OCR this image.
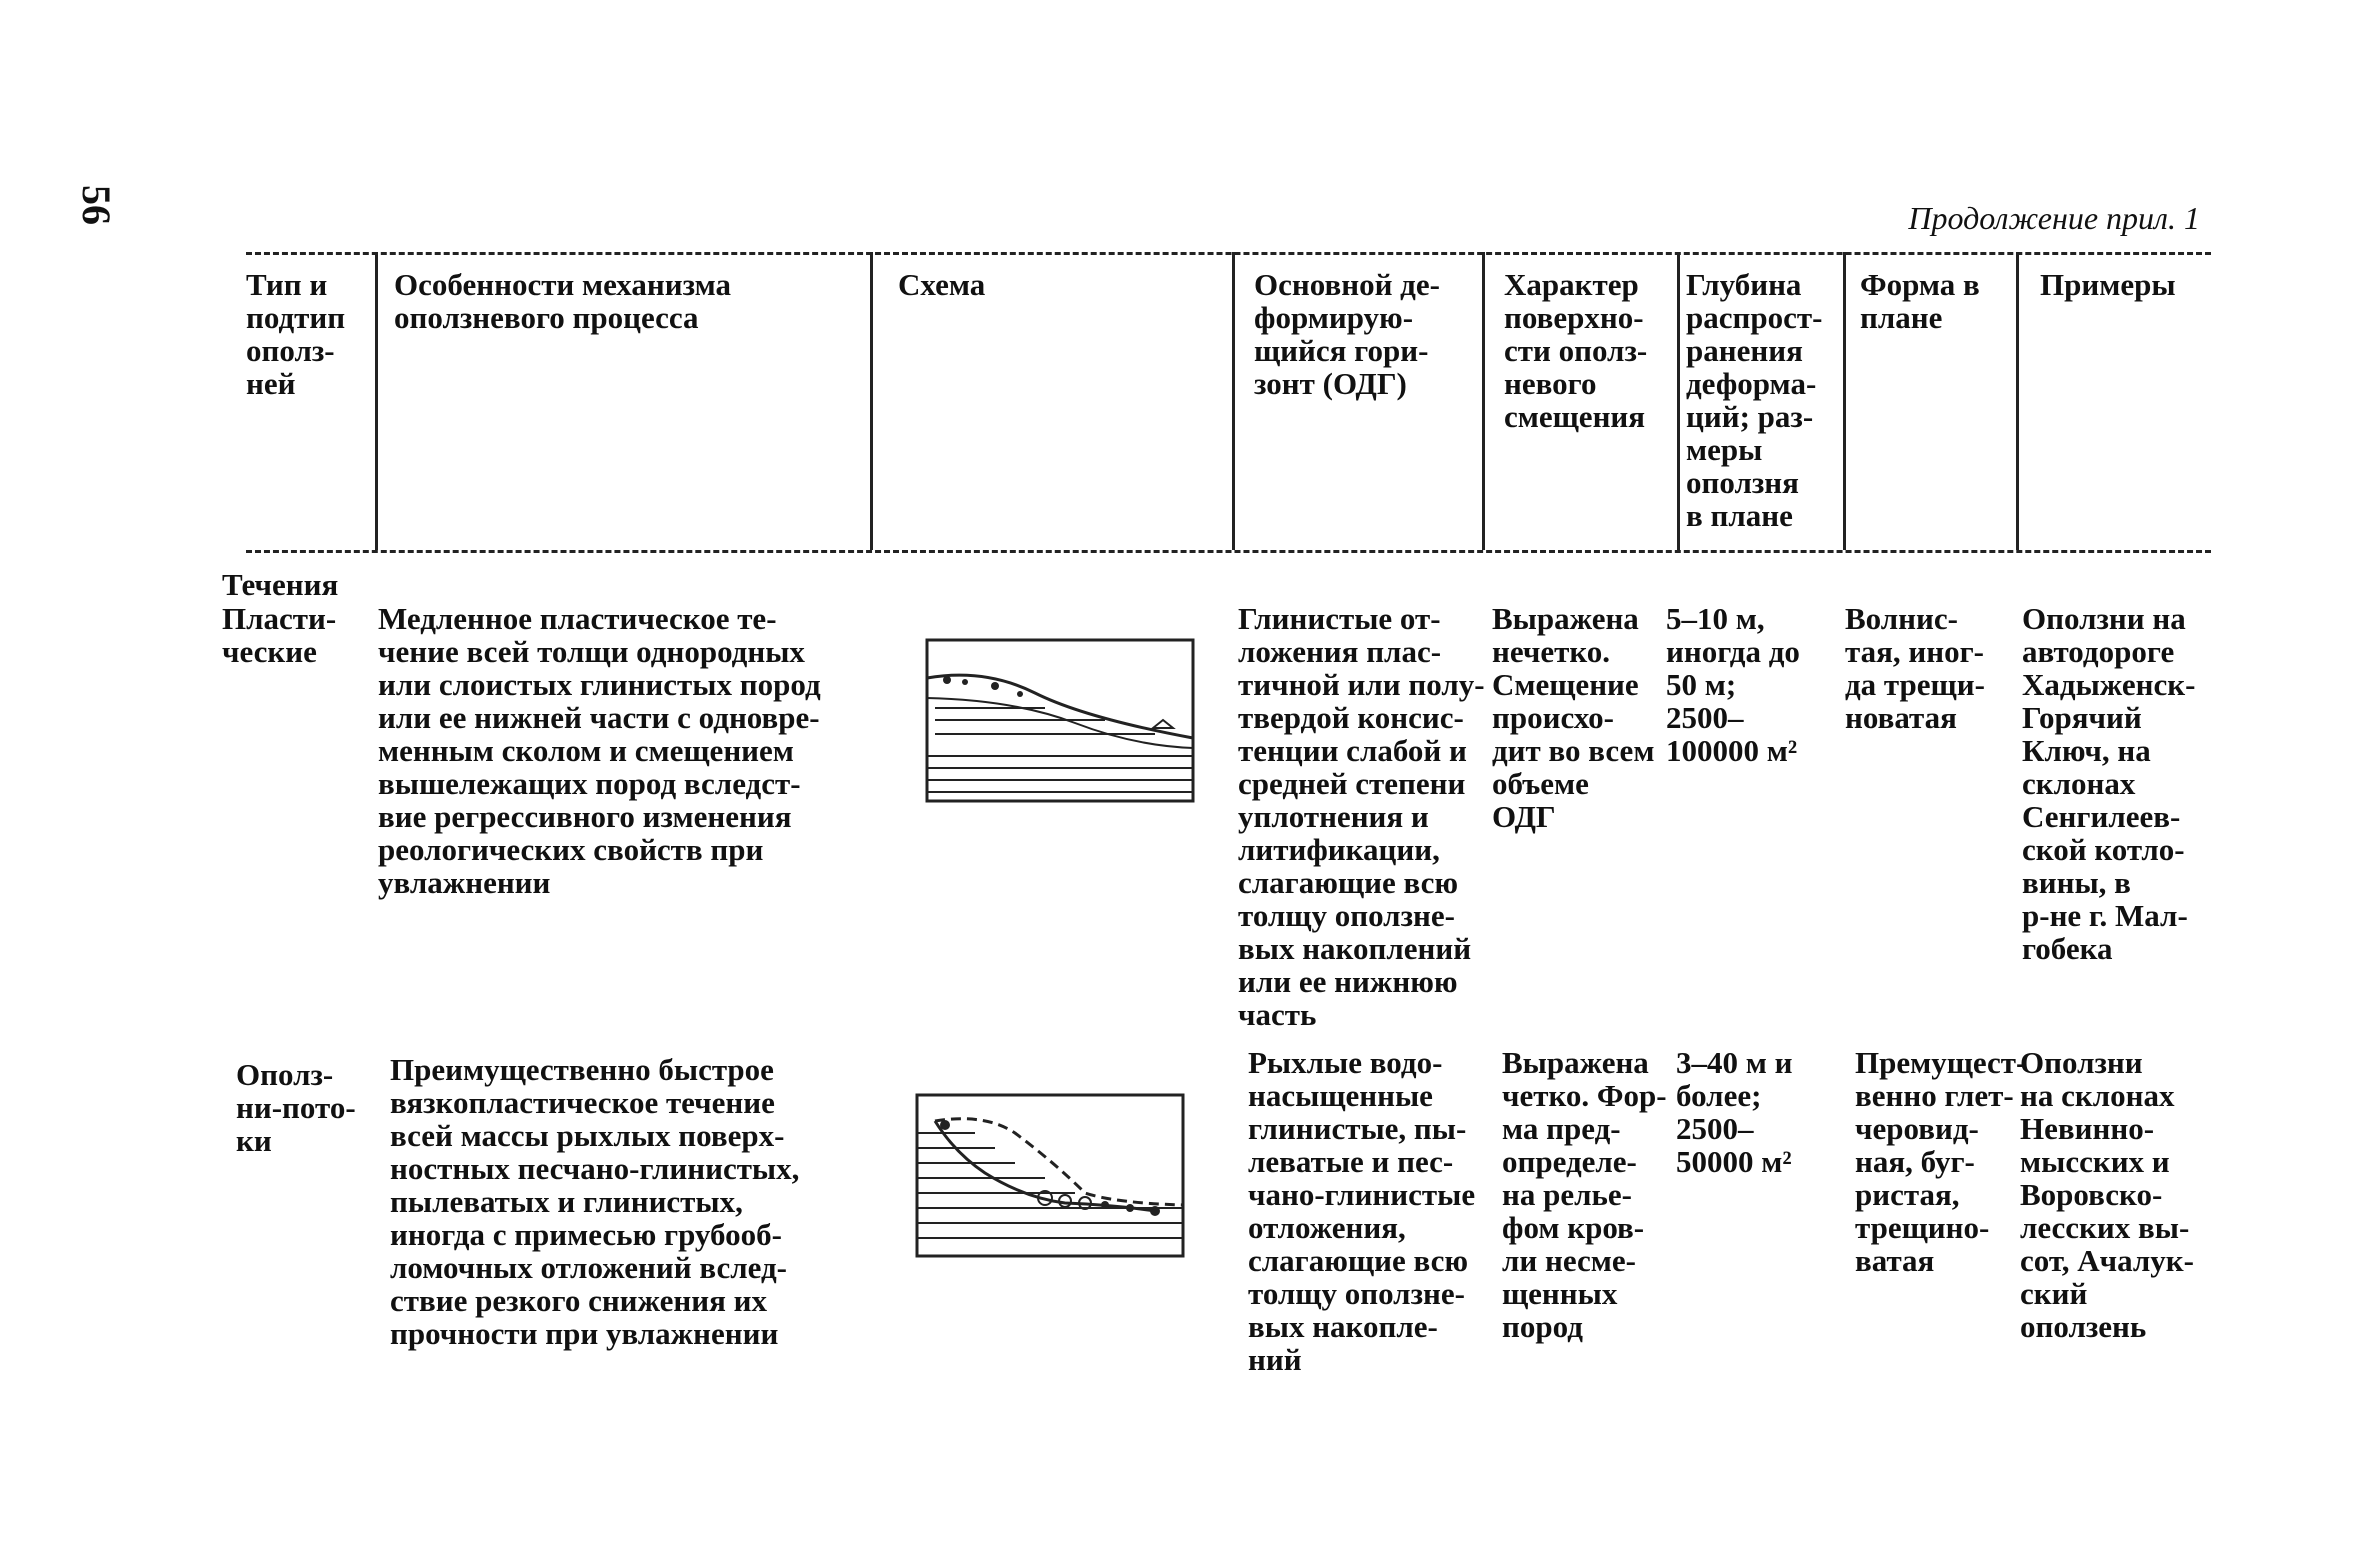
56	Продолжение прил. 1
Тип и
подтип
ополз-
ней
Особенности механизма
оползневого процесса
Схема	Основной де-
формирую-
щийся гори-
зонт (ОДГ)
Характер
поверхно-
сти ополз-
невого
смещения
Глубина
распрост-
ранения
деформа-
ций; раз-
меры
оползня
в плане
Форма в
плане
Примеры
Течения
Пласти-
ческие
Медленное пластическое те-
чение всей толщи однородных
или слоистых глинистых пород
или ее нижней части с одновре-
менным сколом и смещением
вышележащих пород вследст-
вие регрессивного изменения
реологических свойств при
увлажнении
Глинистые от-
ложения плас-
тичной или полу-
твердой консис-
тенции слабой и
средней степени
уплотнения и
литификации,
слагающие всю
толщу оползне-
вых накоплений
или ее нижнюю
часть
Выражена
нечетко.
Смещение
происхо-
дит во всем
объеме
ОДГ
5–10 м,
иногда до
50 м;
2500–
100000 м²
Волнис-
тая, иног-
да трещи-
новатая
Оползни на
автодороге
Хадыженск-
Горячий
Ключ, на
склонах
Сенгилеев-
ской котло-
вины, в
р-не г. Мал-
гобека
Ополз-
ни-пото-
ки
Преимущественно быстрое
вязкопластическое течение
всей массы рыхлых поверх-
ностных песчано-глинистых,
пылеватых и глинистых,
иногда с примесью грубооб-
ломочных отложений вслед-
ствие резкого снижения их
прочности при увлажнении
Рыхлые водо-
насыщенные
глинистые, пы-
леватые и пес-
чано-глинистые
отложения,
слагающие всю
толщу оползне-
вых накопле-
ний
Выражена
четко. Фор-
ма пред-
определе-
на релье-
фом кров-
ли несме-
щенных
пород
3–40 м и
более;
2500–
50000 м²
Премущест-
венно глет-
черовид-
ная, буг-
ристая,
трещино-
ватая
Оползни
на склонах
Невинно-
мысских и
Воровско-
лесских вы-
сот, Ачалук-
ский
оползень
